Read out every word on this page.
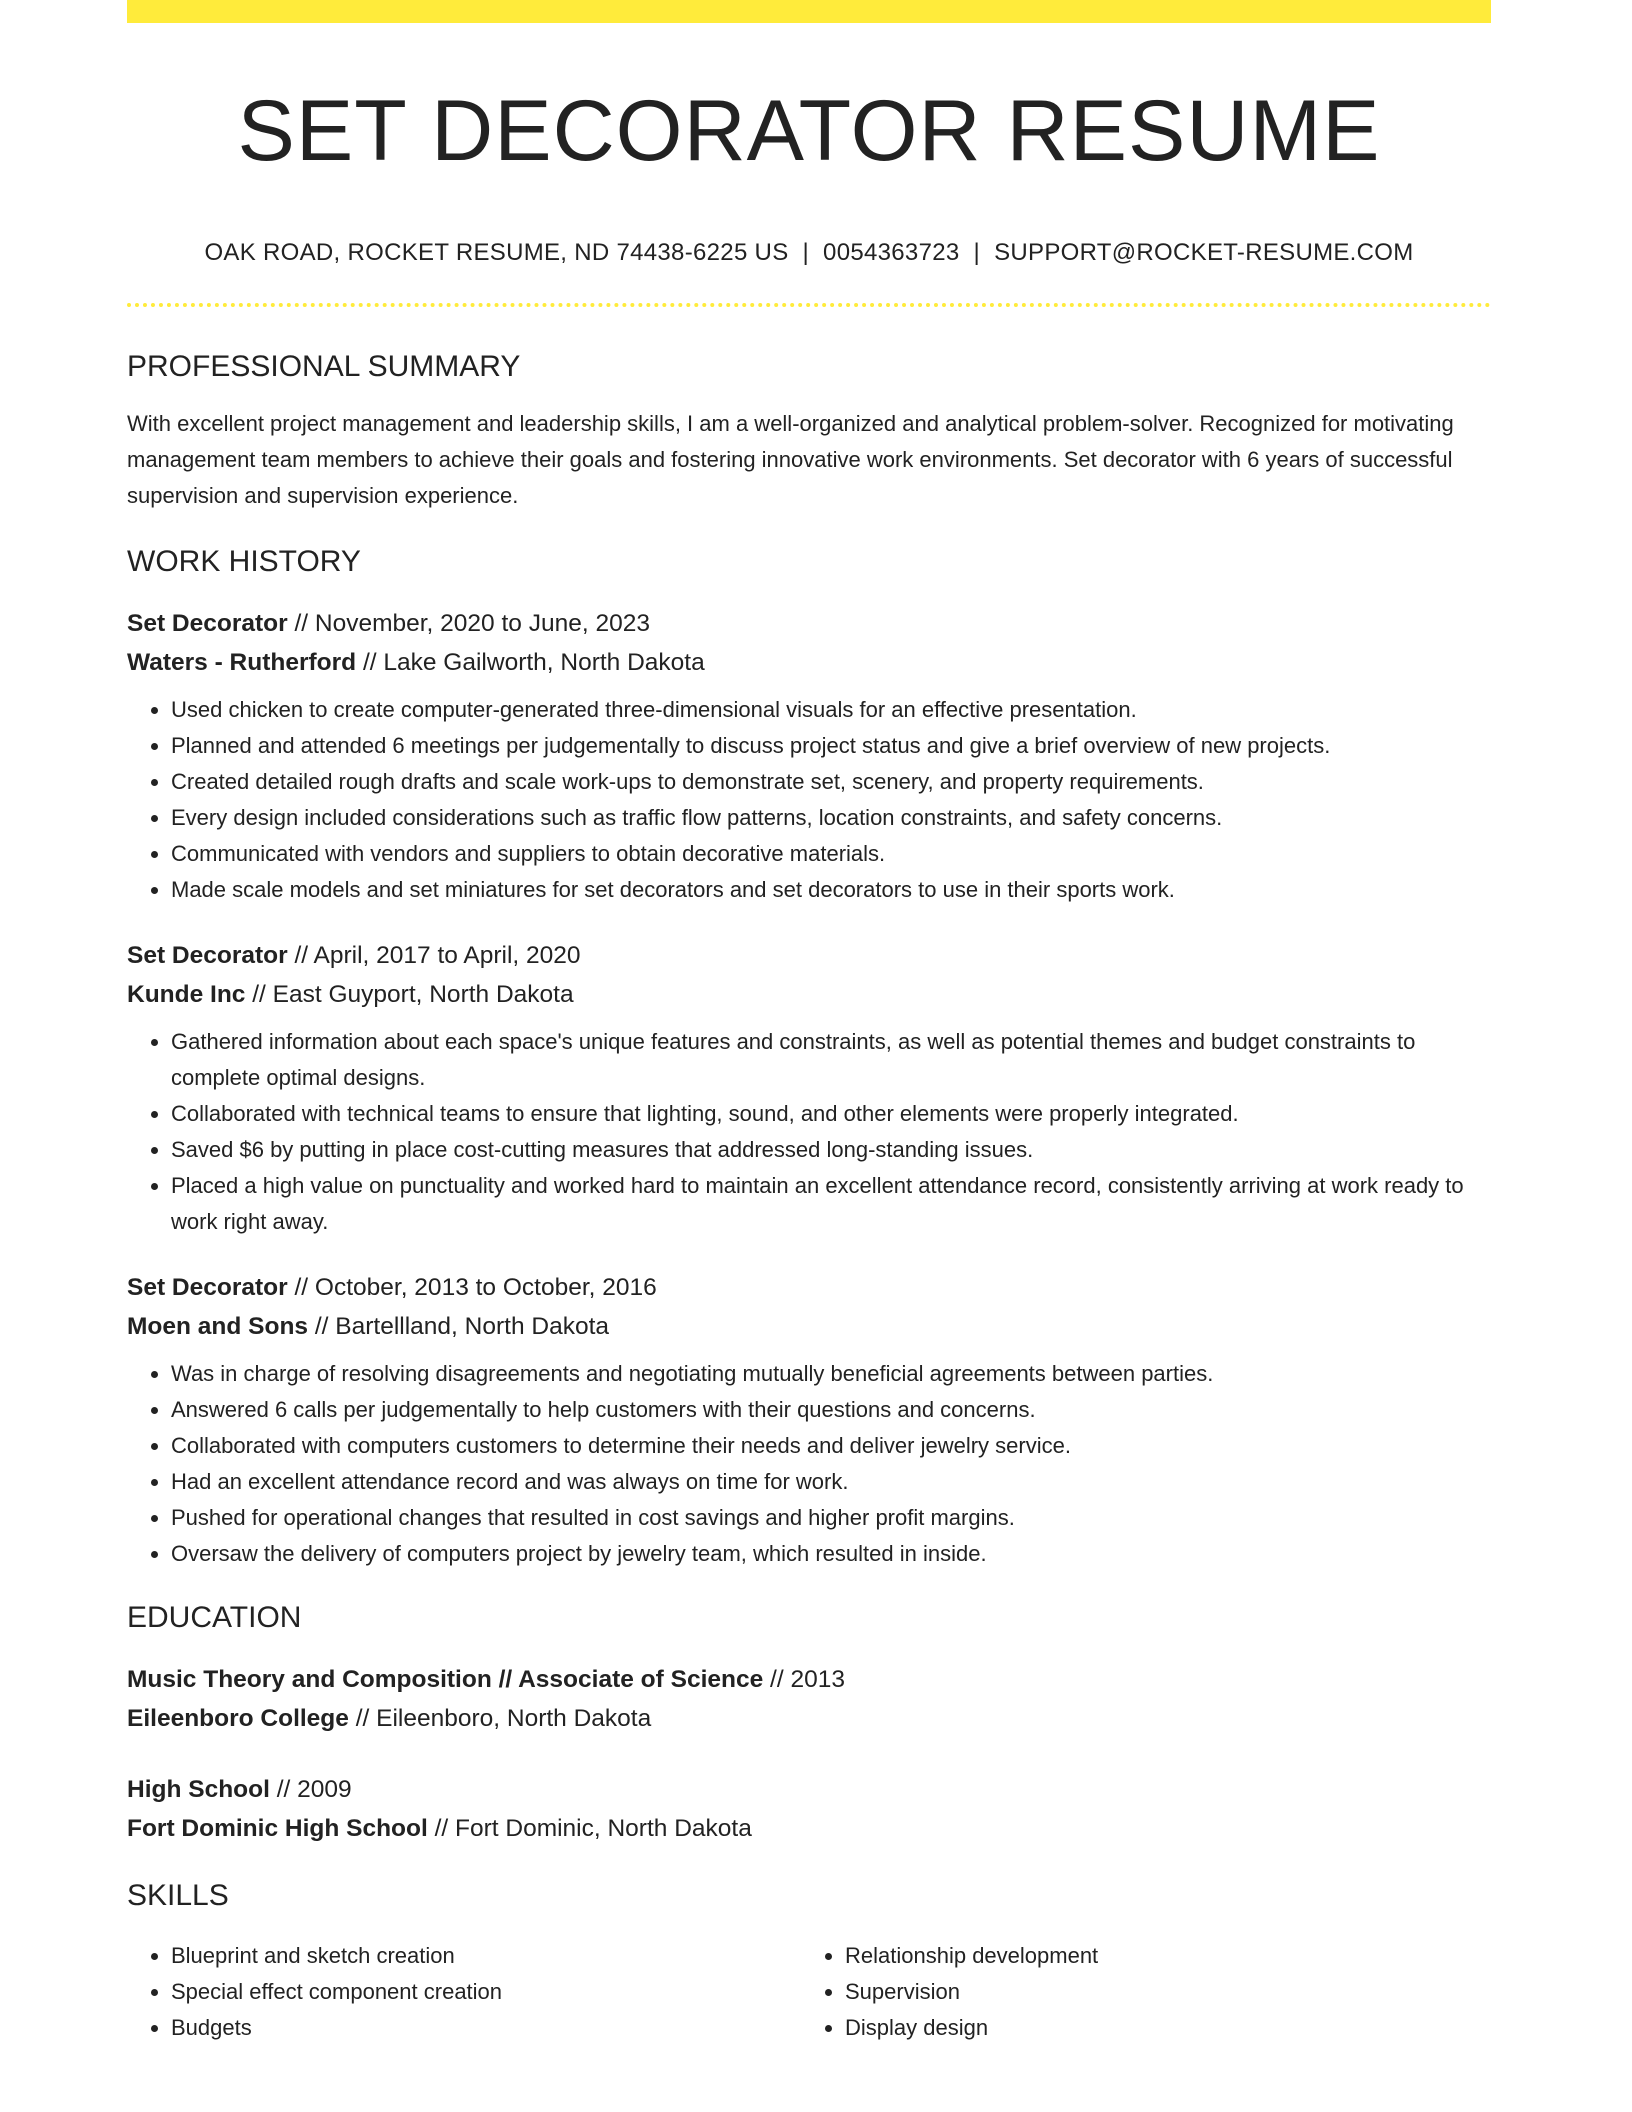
SET DECORATOR RESUME
OAK ROAD, ROCKET RESUME, ND 74438-6225 US | 0054363723 | SUPPORT@ROCKET-RESUME.COM
PROFESSIONAL SUMMARY

With excellent project management and leadership skills, I am a well-organized and analytical problem-solver. Recognized for motivating management team members to achieve their goals and fostering innovative work environments. Set decorator with 6 years of successful supervision and supervision experience.

WORK HISTORY
Set Decorator // November, 2020 to June, 2023
Waters - Rutherford // Lake Gailworth, North Dakota
• Used chicken to create computer-generated three-dimensional visuals for an effective presentation.
• Planned and attended 6 meetings per judgementally to discuss project status and give a brief overview of new projects.
• Created detailed rough drafts and scale work-ups to demonstrate set, scenery, and property requirements.
• Every design included considerations such as traffic flow patterns, location constraints, and safety concerns.
• Communicated with vendors and suppliers to obtain decorative materials.
• Made scale models and set miniatures for set decorators and set decorators to use in their sports work.
Set Decorator // April, 2017 to April, 2020
Kunde Inc // East Guyport, North Dakota
• Gathered information about each space's unique features and constraints, as well as potential themes and budget constraints to complete optimal designs.
• Collaborated with technical teams to ensure that lighting, sound, and other elements were properly integrated.
• Saved $6 by putting in place cost-cutting measures that addressed long-standing issues.
• Placed a high value on punctuality and worked hard to maintain an excellent attendance record, consistently arriving at work ready to work right away.
Set Decorator // October, 2013 to October, 2016
Moen and Sons // Bartellland, North Dakota
• Was in charge of resolving disagreements and negotiating mutually beneficial agreements between parties.
• Answered 6 calls per judgementally to help customers with their questions and concerns.
• Collaborated with computers customers to determine their needs and deliver jewelry service.
• Had an excellent attendance record and was always on time for work.
• Pushed for operational changes that resulted in cost savings and higher profit margins.
• Oversaw the delivery of computers project by jewelry team, which resulted in inside.
EDUCATION
Music Theory and Composition // Associate of Science // 2013
Eileenboro College // Eileenboro, North Dakota
High School // 2009
Fort Dominic High School // Fort Dominic, North Dakota
SKILLS
• Blueprint and sketch creation
• Special effect component creation
• Budgets
• Relationship development
• Supervision
• Display design
